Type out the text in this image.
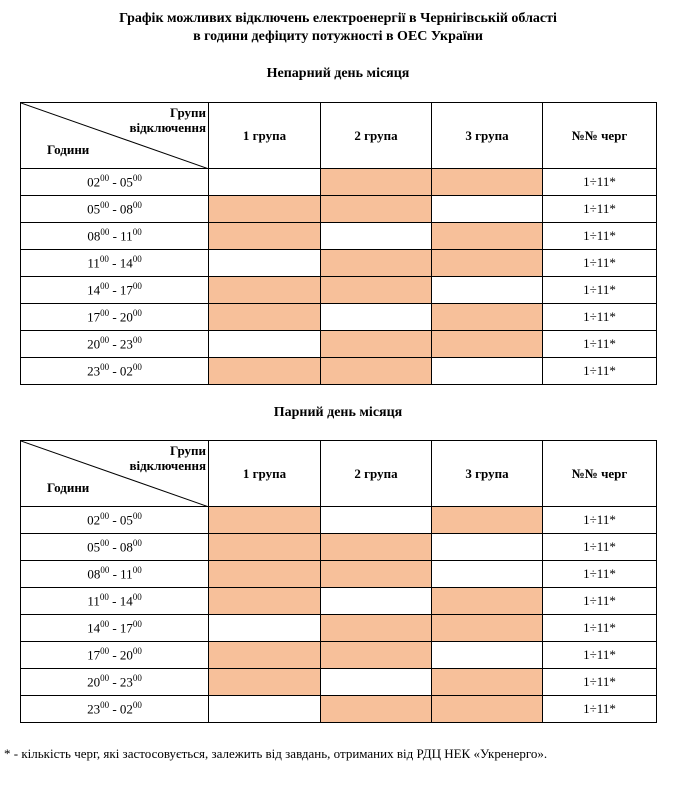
Графік можливих відключень електроенергії в Чернігівській області
в години дефіциту потужності в ОЕС України
Непарний день місяця
Групи
відключення
Години	1 група	2 група	3 група	№№ черг
$02^{00} - 05^{00}$				1÷11*
$05^{00} - 08^{00}$				1÷11*
$08^{00} - 11^{00}$				1÷11*
$11^{00} - 14^{00}$				1÷11*
$14^{00} - 17^{00}$				1÷11*
$17^{00} - 20^{00}$				1÷11*
$20^{00} - 23^{00}$				1÷11*
$23^{00} - 02^{00}$				1÷11*
Парний день місяця
Групи
відключення
Години	1 група	2 група	3 група	№№ черг
$02^{00} - 05^{00}$				1÷11*
$05^{00} - 08^{00}$				1÷11*
$08^{00} - 11^{00}$				1÷11*
$11^{00} - 14^{00}$				1÷11*
$14^{00} - 17^{00}$				1÷11*
$17^{00} - 20^{00}$				1÷11*
$20^{00} - 23^{00}$				1÷11*
$23^{00} - 02^{00}$				1÷11*
* - кількість черг, які застосовується, залежить від завдань, отриманих від РДЦ НЕК «Укренерго».
